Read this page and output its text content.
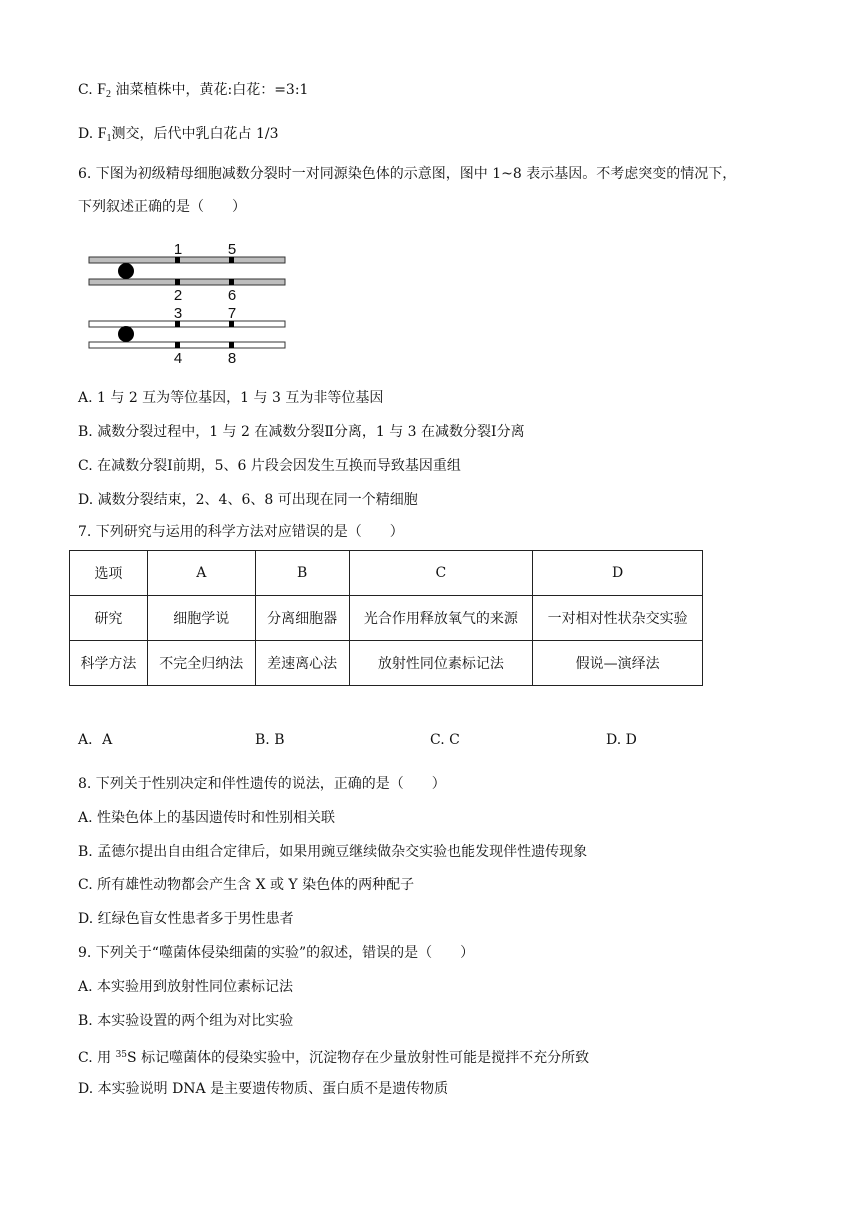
C. $F_2$ 油菜植株中，黄花:白花：=3:1
D. $F_1$测交，后代中乳白花占 1/3
6. 下图为初级精母细胞减数分裂时一对同源染色体的示意图，图中 1~8 表示基因。不考虑突变的情况下，
下列叙述正确的是（　　）
1	5
2	6
3	7
4	8
A. 1 与 2 互为等位基因，1 与 3 互为非等位基因
B. 减数分裂过程中，1 与 2 在减数分裂Ⅱ分离，1 与 3 在减数分裂Ⅰ分离
C. 在减数分裂Ⅰ前期，5、6 片段会因发生互换而导致基因重组
D. 减数分裂结束，2、4、6、8 可出现在同一个精细胞
7. 下列研究与运用的科学方法对应错误的是（　　）
选项	A	B	C	D
研究	细胞学说	分离细胞器	光合作用释放氧气的来源	一对相对性状杂交实验
科学方法	不完全归纳法	差速离心法	放射性同位素标记法	假说—演绎法
A．A	B. B	C. C	D. D
8. 下列关于性别决定和伴性遗传的说法，正确的是（　　）
A. 性染色体上的基因遗传时和性别相关联
B. 孟德尔提出自由组合定律后，如果用豌豆继续做杂交实验也能发现伴性遗传现象
C. 所有雄性动物都会产生含 X 或 Y 染色体的两种配子
D. 红绿色盲女性患者多于男性患者
9. 下列关于“噬菌体侵染细菌的实验”的叙述，错误的是（　　）
A. 本实验用到放射性同位素标记法
B. 本实验设置的两个组为对比实验
C. 用 $^{35}$S 标记噬菌体的侵染实验中，沉淀物存在少量放射性可能是搅拌不充分所致
D. 本实验说明 DNA 是主要遗传物质、蛋白质不是遗传物质
